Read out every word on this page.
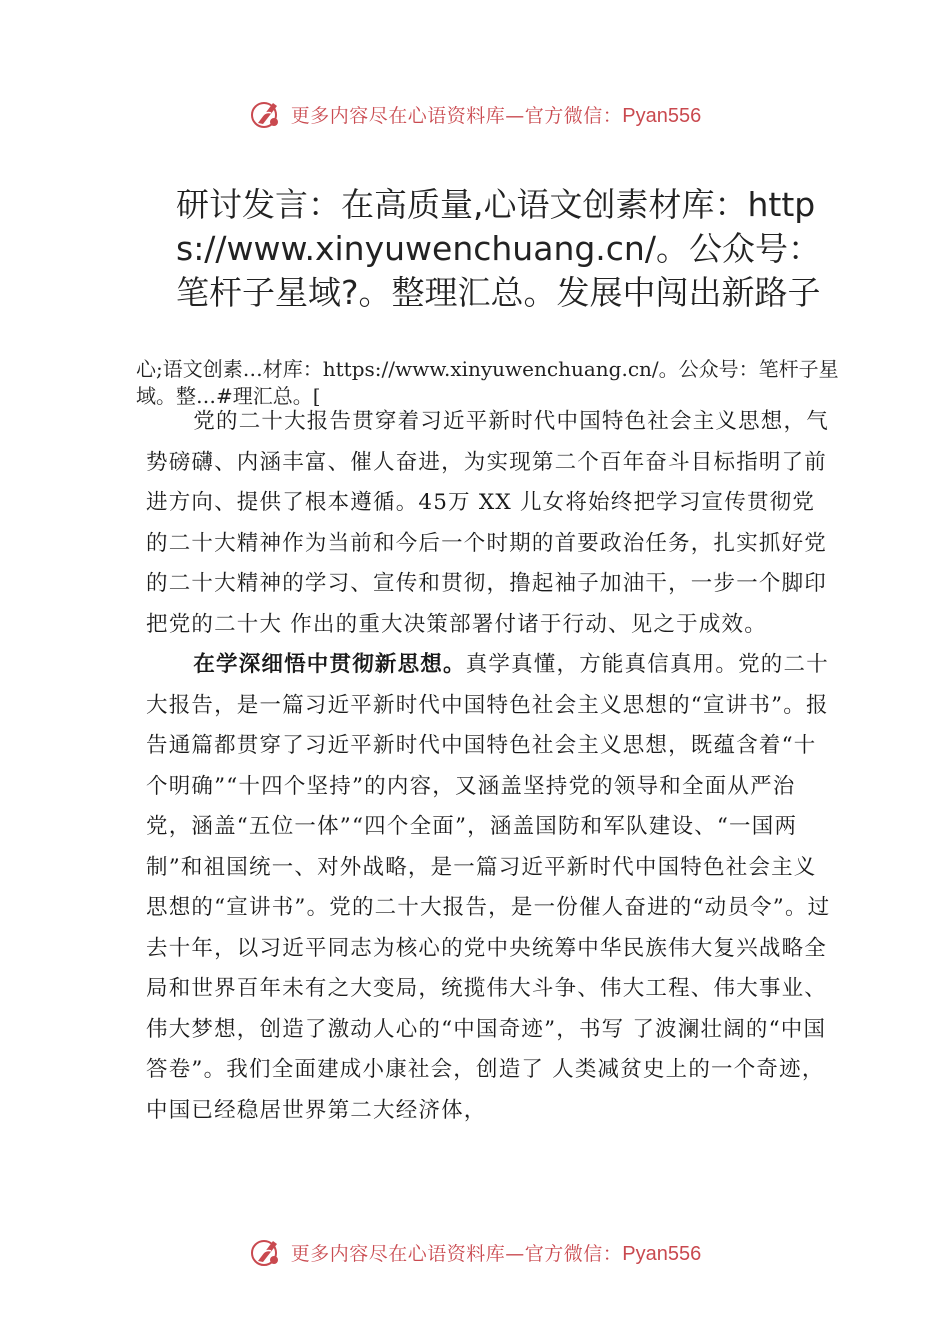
更多内容尽在心语资料库—官方微信：Pyan556
研讨发言：在高质量,心语文创素材库：https://www.xinyuwenchuang.cn/。公众号：笔杆子星域?。整理汇总。发展中闯出新路子

心;语文创素…材库：https://www.xinyuwenchuang.cn/。公众号：笔杆子星域。整…#理汇总。[

党的二十大报告贯穿着习近平新时代中国特色社会主义思想，气势磅礴、内涵丰富、催人奋进，为实现第二个百年奋斗目标指明了前进方向、提供了根本遵循。45万 XX 儿女将始终把学习宣传贯彻党的二十大精神作为当前和今后一个时期的首要政治任务，扎实抓好党的二十大精神的学习、宣传和贯彻，撸起袖子加油干，一步一个脚印把党的二十大 作出的重大决策部署付诸于行动、见之于成效。

在学深细悟中贯彻新思想。真学真懂，方能真信真用。党的二十大报告，是一篇习近平新时代中国特色社会主义思想的“宣讲书”。报告通篇都贯穿了习近平新时代中国特色社会主义思想，既蕴含着“十个明确”“十四个坚持”的内容，又涵盖坚持党的领导和全面从严治党，涵盖“五位一体”“四个全面”，涵盖国防和军队建设、“一国两制”和祖国统一、对外战略，是一篇习近平新时代中国特色社会主义思想的“宣讲书”。党的二十大报告，是一份催人奋进的“动员令”。过去十年，以习近平同志为核心的党中央统筹中华民族伟大复兴战略全局和世界百年未有之大变局，统揽伟大斗争、伟大工程、伟大事业、伟大梦想，创造了激动人心的“中国奇迹”，书写 了波澜壮阔的“中国答卷”。我们全面建成小康社会，创造了 人类减贫史上的一个奇迹，中国已经稳居世界第二大经济体，

更多内容尽在心语资料库—官方微信：Pyan556
